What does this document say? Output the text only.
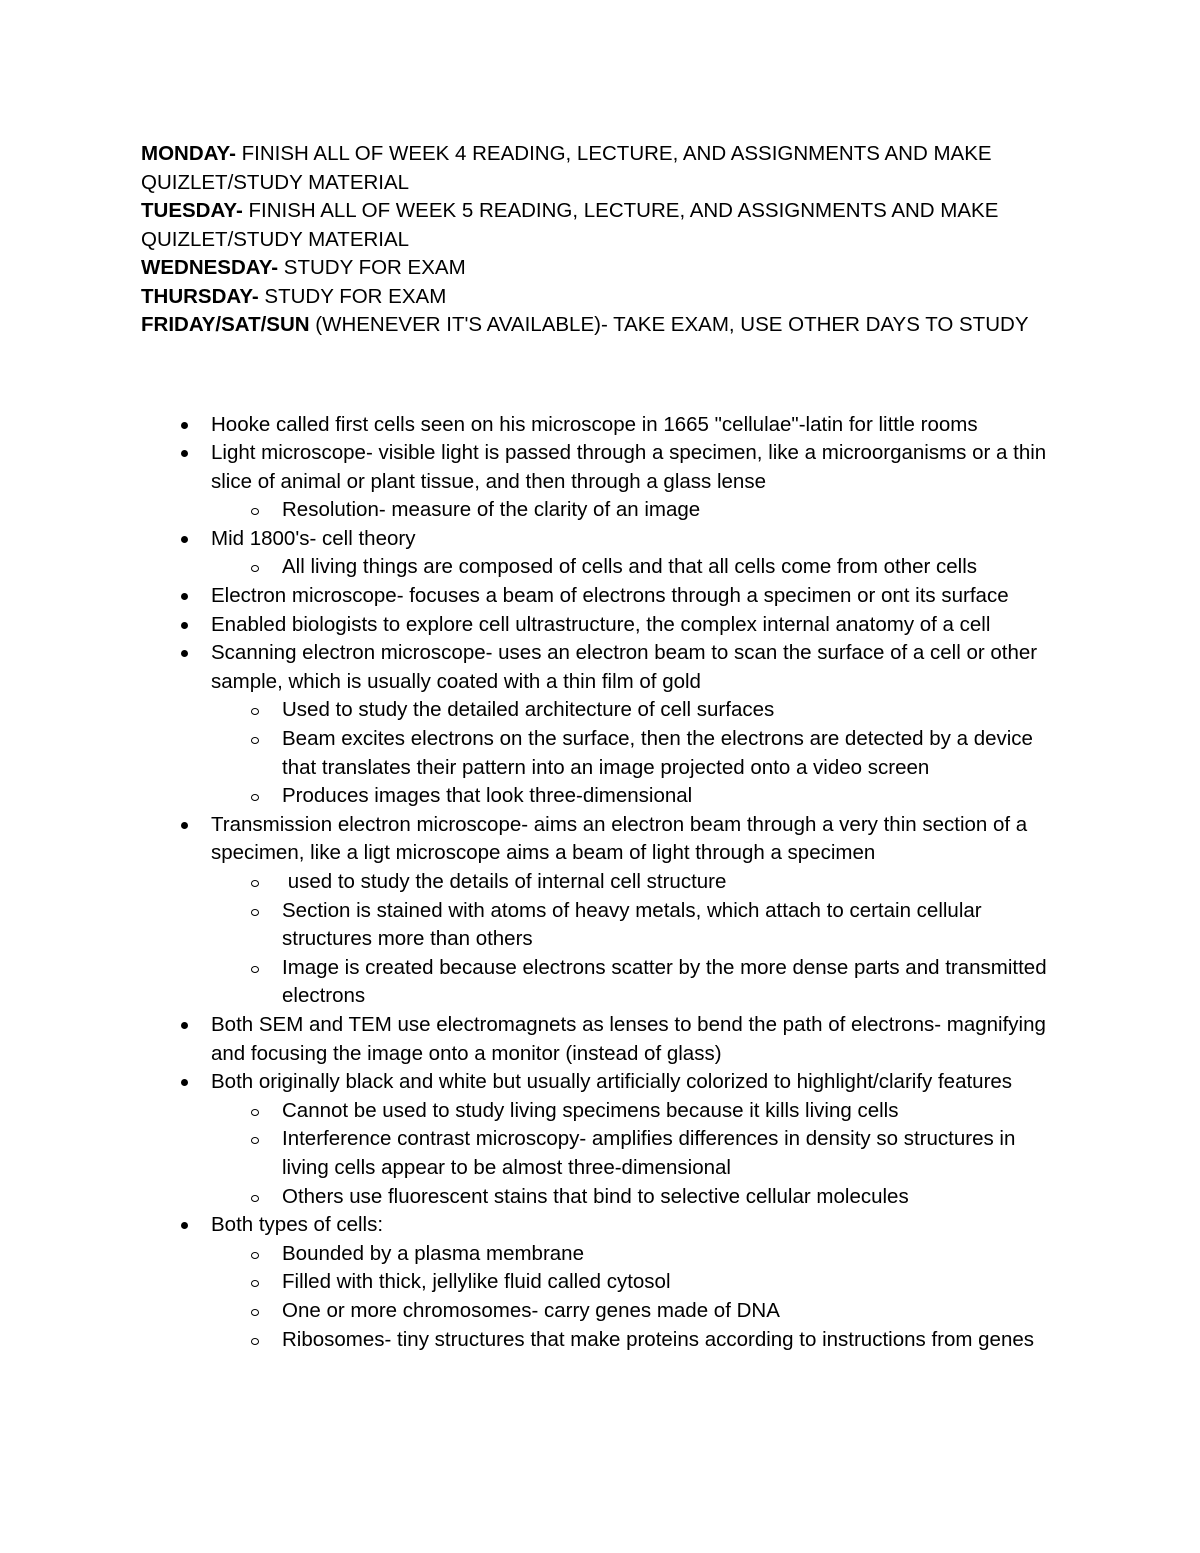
MONDAY- FINISH ALL OF WEEK 4 READING, LECTURE, AND ASSIGNMENTS AND MAKE QUIZLET/STUDY MATERIAL

TUESDAY- FINISH ALL OF WEEK 5 READING, LECTURE, AND ASSIGNMENTS AND MAKE QUIZLET/STUDY MATERIAL

WEDNESDAY- STUDY FOR EXAM

THURSDAY- STUDY FOR EXAM

FRIDAY/SAT/SUN (WHENEVER IT'S AVAILABLE)- TAKE EXAM, USE OTHER DAYS TO STUDY

Hooke called first cells seen on his microscope in 1665 "cellulae"-latin for little rooms
Light microscope- visible light is passed through a specimen, like a microorganisms or a thin slice of animal or plant tissue, and then through a glass lense
Resolution- measure of the clarity of an image
Mid 1800's- cell theory
All living things are composed of cells and that all cells come from other cells
Electron microscope- focuses a beam of electrons through a specimen or ont its surface
Enabled biologists to explore cell ultrastructure, the complex internal anatomy of a cell
Scanning electron microscope- uses an electron beam to scan the surface of a cell or other sample, which is usually coated with a thin film of gold
Used to study the detailed architecture of cell surfaces
Beam excites electrons on the surface, then the electrons are detected by a device that translates their pattern into an image projected onto a video screen
Produces images that look three-dimensional
Transmission electron microscope- aims an electron beam through a very thin section of a specimen, like a ligt microscope aims a beam of light through a specimen
used to study the details of internal cell structure
Section is stained with atoms of heavy metals, which attach to certain cellular structures more than others
Image is created because electrons scatter by the more dense parts and transmitted electrons
Both SEM and TEM use electromagnets as lenses to bend the path of electrons- magnifying and focusing the image onto a monitor (instead of glass)
Both originally black and white but usually artificially colorized to highlight/clarify features
Cannot be used to study living specimens because it kills living cells
Interference contrast microscopy- amplifies differences in density so structures in living cells appear to be almost three-dimensional
Others use fluorescent stains that bind to selective cellular molecules
Both types of cells:
Bounded by a plasma membrane
Filled with thick, jellylike fluid called cytosol
One or more chromosomes- carry genes made of DNA
Ribosomes- tiny structures that make proteins according to instructions from genes
